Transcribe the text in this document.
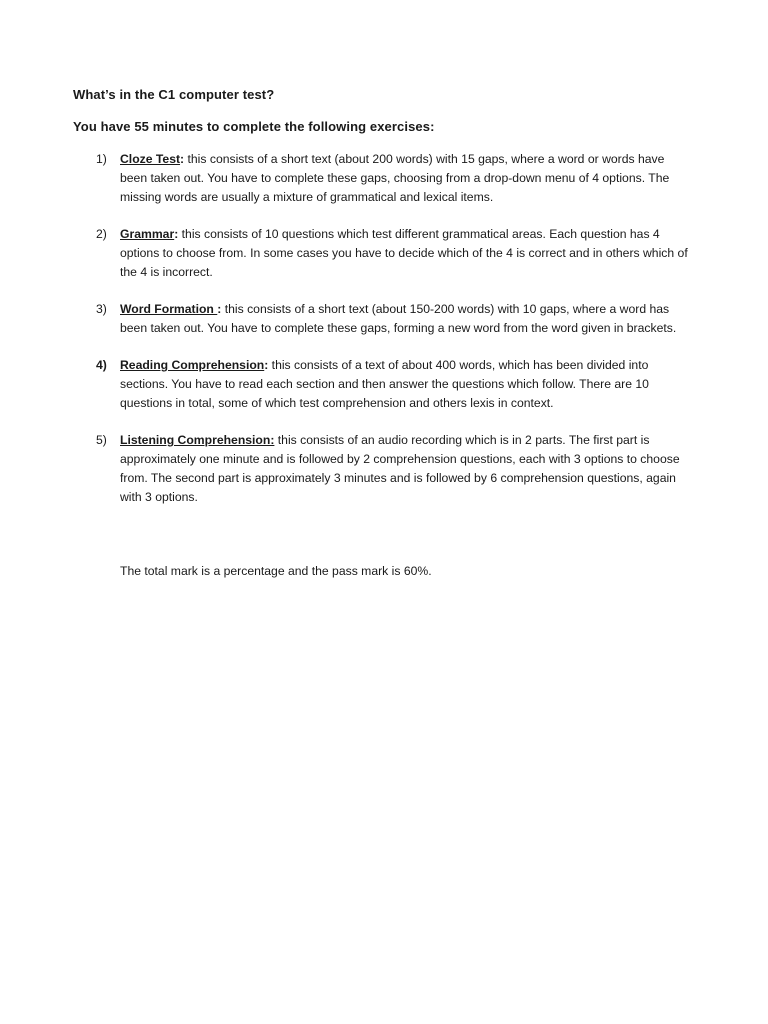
What’s in the C1 computer test?
You have 55 minutes to complete the following exercises:
1)	Cloze Test: this consists of a short text (about 200 words) with 15 gaps, where a word or words have been taken out. You have to complete these gaps, choosing from a drop-down menu of 4 options. The missing words are usually a mixture of grammatical and lexical items.
2)	Grammar: this consists of 10 questions which test different grammatical areas. Each question has 4 options to choose from. In some cases you have to decide which of the 4 is correct and in others which of the 4 is incorrect.
3)	Word Formation : this consists of a short text (about 150-200 words) with 10 gaps, where a word has been taken out. You have to complete these gaps, forming a new word from the word given in brackets.
4)	Reading Comprehension: this consists of a text of about 400 words, which has been divided into sections. You have to read each section and then answer the questions which follow. There are 10 questions in total, some of which test comprehension and others lexis in context.
5)	Listening Comprehension: this consists of an audio recording which is in 2 parts. The first part is approximately one minute and is followed by 2 comprehension questions, each with 3 options to choose from. The second part is approximately 3 minutes and is followed by 6 comprehension questions, again with 3 options.
The total mark is a percentage and the pass mark is 60%.
